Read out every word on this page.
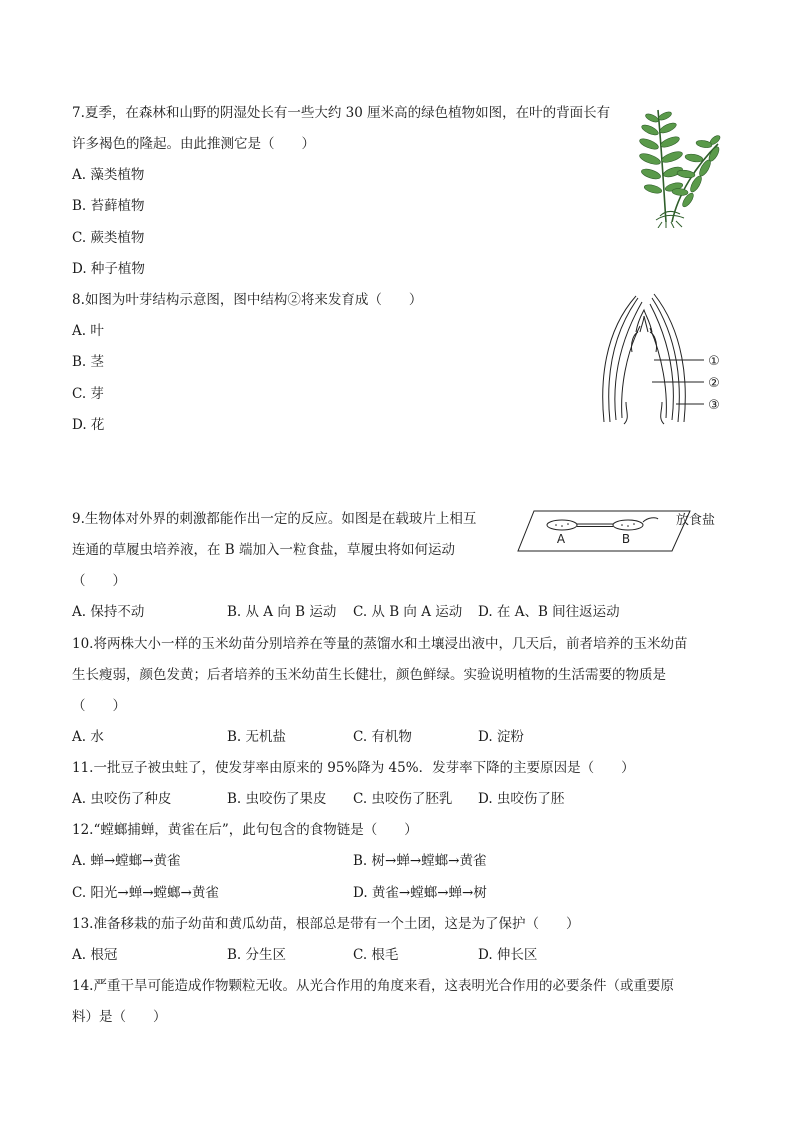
7.夏季，在森林和山野的阴湿处长有一些大约 30 厘米高的绿色植物如图，在叶的背面长有
许多褐色的隆起。由此推测它是（　　）
A. 藻类植物
B. 苔藓植物
C. 蕨类植物
D. 种子植物
8.如图为叶芽结构示意图，图中结构②将来发育成（　　）
A. 叶
B. 茎
C. 芽
D. 花
①
②
③
9.生物体对外界的刺激都能作出一定的反应。如图是在载玻片上相互
连通的草履虫培养液，在 B 端加入一粒食盐，草履虫将如何运动
（　　）
A. 保持不动	B. 从 A 向 B 运动 C. 从 B 向 A 运动 D. 在 A、B 间往返运动
A	B
放食盐
10.将两株大小一样的玉米幼苗分别培养在等量的蒸馏水和土壤浸出液中，几天后，前者培养的玉米幼苗
生长瘦弱，颜色发黄；后者培养的玉米幼苗生长健壮，颜色鲜绿。实验说明植物的生活需要的物质是
（　　）
A. 水	B. 无机盐	C. 有机物	D. 淀粉
11.一批豆子被虫蛀了，使发芽率由原来的 95%降为 45%．发芽率下降的主要原因是（　　）
A. 虫咬伤了种皮	B. 虫咬伤了果皮 C. 虫咬伤了胚乳 D. 虫咬伤了胚
12.“螳螂捕蝉，黄雀在后”，此句包含的食物链是（　　）
A. 蝉→螳螂→黄雀	B. 树→蝉→螳螂→黄雀
C. 阳光→蝉→螳螂→黄雀	D. 黄雀→螳螂→蝉→树
13.准备移栽的茄子幼苗和黄瓜幼苗，根部总是带有一个土团，这是为了保护（　　）
A. 根冠	B. 分生区	C. 根毛	D. 伸长区
14.严重干旱可能造成作物颗粒无收。从光合作用的角度来看，这表明光合作用的必要条件（或重要原
料）是（　　）
